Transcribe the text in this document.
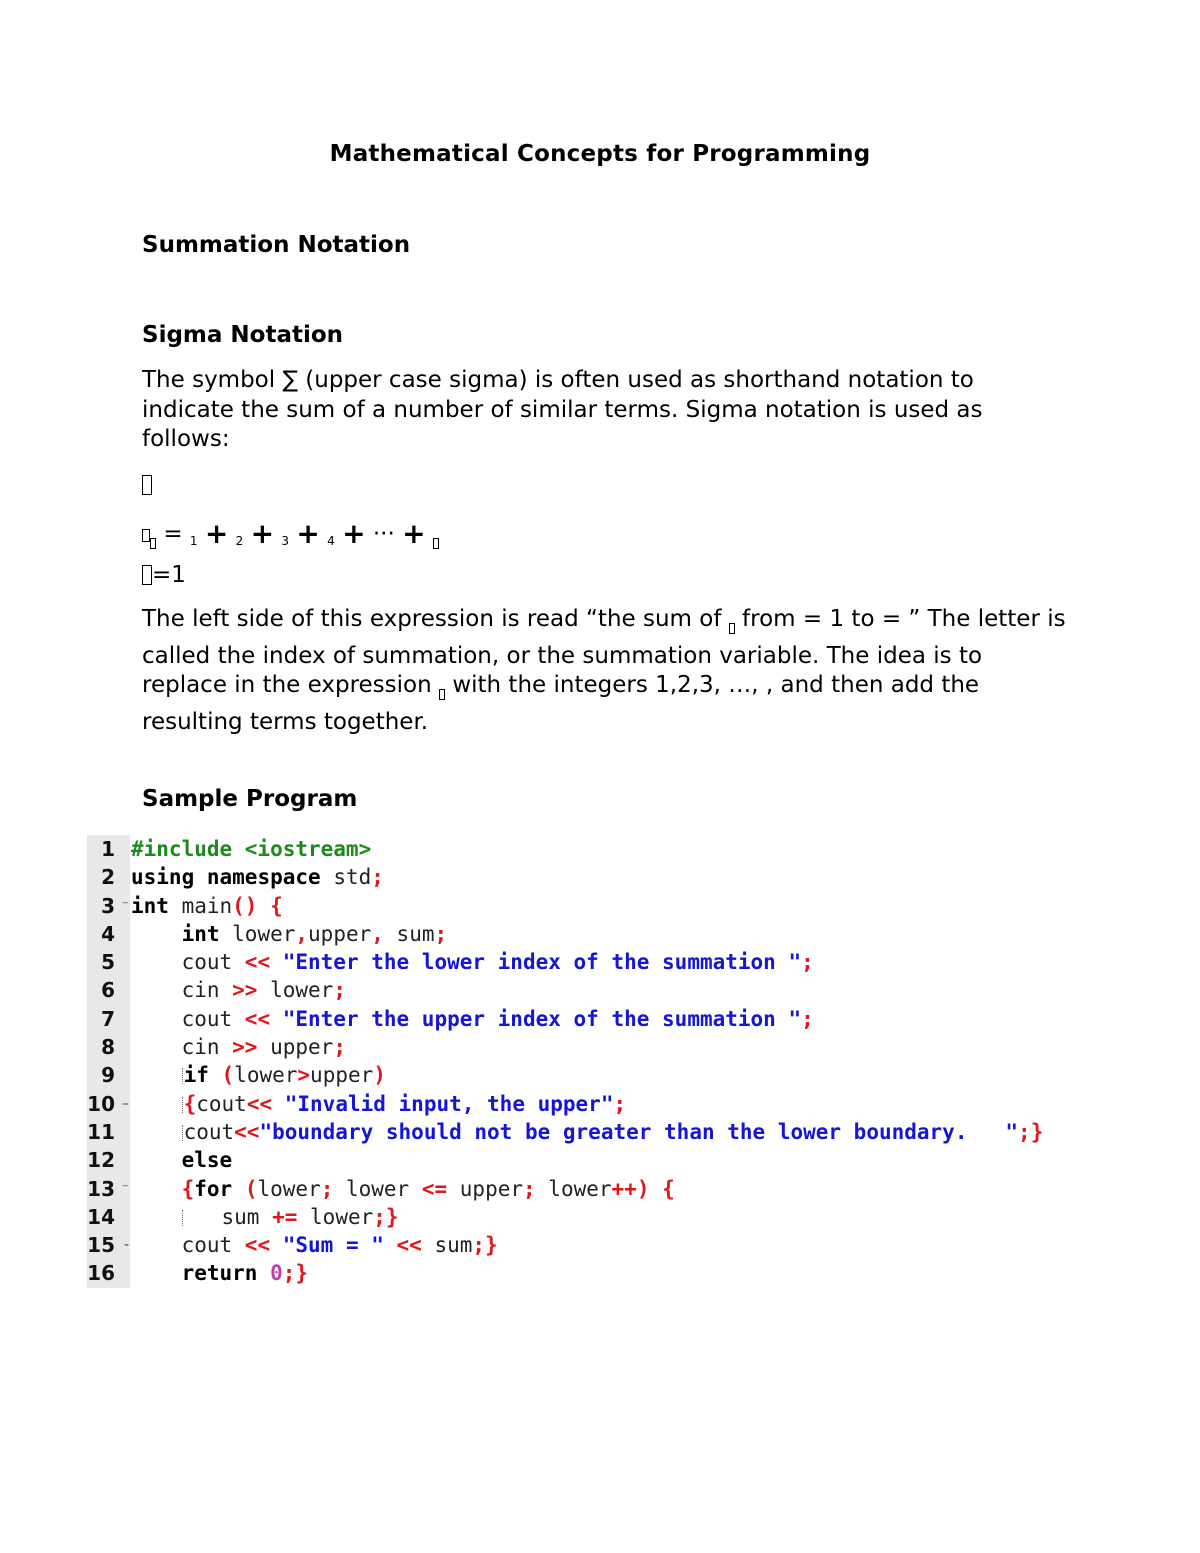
Mathematical Concepts for Programming
Summation Notation
Sigma Notation
The symbol ∑ (upper case sigma) is often used as shorthand notation to indicate the sum of a number of similar terms. Sigma notation is used as follows:
= $_1$ + $_2$ + $_3$ + $_4$ + ··· +
=1
The left side of this expression is read “the sum of  from = 1 to = ” The letter is called the index of summation, or the summation variable. The idea is to replace in the expression  with the integers 1,2,3, …, , and then add the resulting terms together.
Sample Program

1

#include <iostream>

2

using namespace std;

3 ⁻

int main() {

4

	int lower,upper, sum;

5

	cout << "Enter the lower index of the summation ";

6

	cin >> lower;

7

	cout << "Enter the upper index of the summation ";

8

	cin >> upper;

9

	if (lower>upper)

10 –

	{cout<< "Invalid input, the upper";

11

	cout<<"boundary should not be greater than the lower boundary.   ";}

12

	else

13 ⁻

	{for (lower; lower <= upper; lower++) {

14

	sum += lower;}

15 -

	cout << "Sum = " << sum;}

16

	return 0;}
